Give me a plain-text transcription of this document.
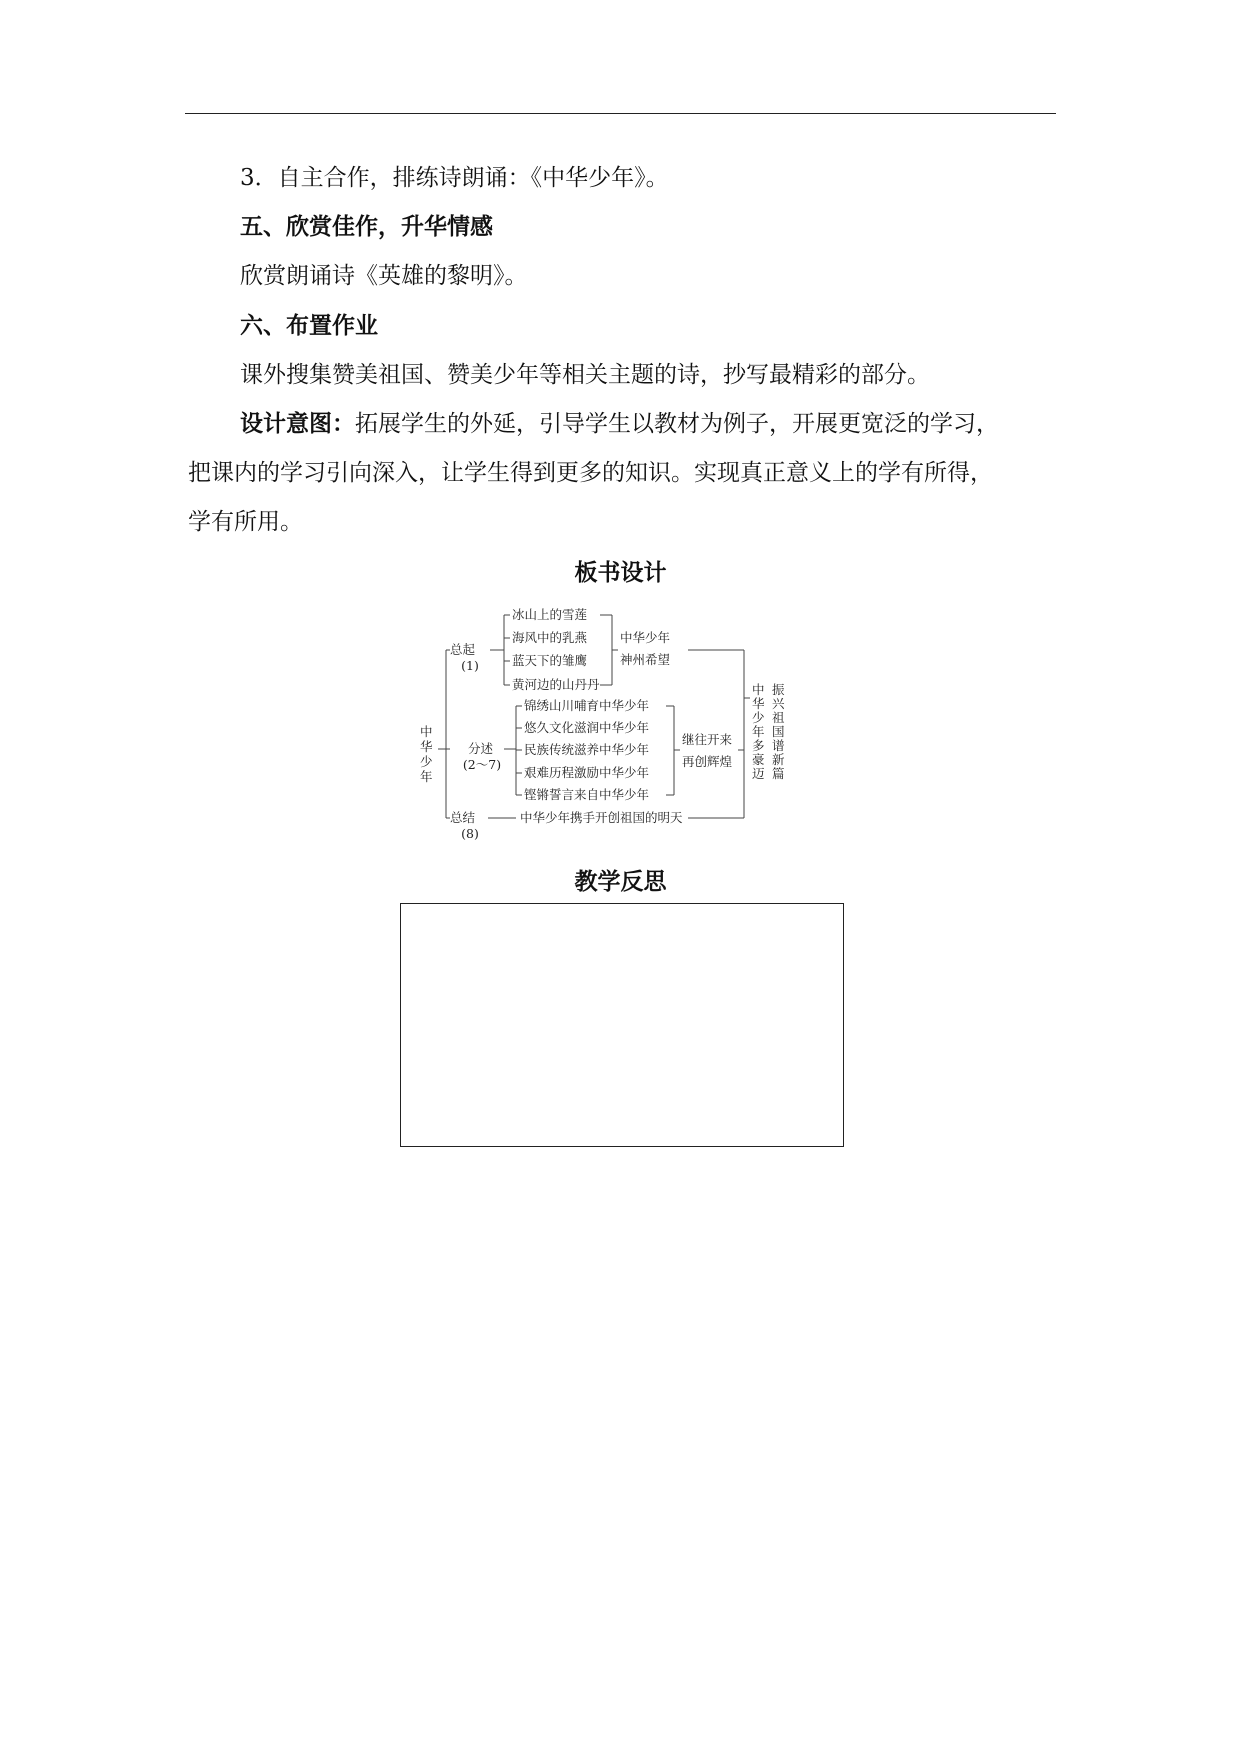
3．自主合作，排练诗朗诵：《中华少年》。
五、欣赏佳作，升华情感
欣赏朗诵诗《英雄的黎明》。
六、布置作业
课外搜集赞美祖国、赞美少年等相关主题的诗，抄写最精彩的部分。
设计意图：拓展学生的外延，引导学生以教材为例子，开展更宽泛的学习，
把课内的学习引向深入，让学生得到更多的知识。实现真正意义上的学有所得，
学有所用。
板书设计
中
华
少
年
总起
(1)
冰山上的雪莲
海风中的乳燕
蓝天下的雏鹰
黄河边的山丹丹
中华少年
神州希望
分述
(2～7)
锦绣山川哺育中华少年
悠久文化滋润中华少年
民族传统滋养中华少年
艰难历程激励中华少年
铿锵誓言来自中华少年
继往开来
再创辉煌
总结
(8)
中华少年携手开创祖国的明天
中
华
少
年
多
豪
迈
振
兴
祖
国
谱
新
篇
教学反思
